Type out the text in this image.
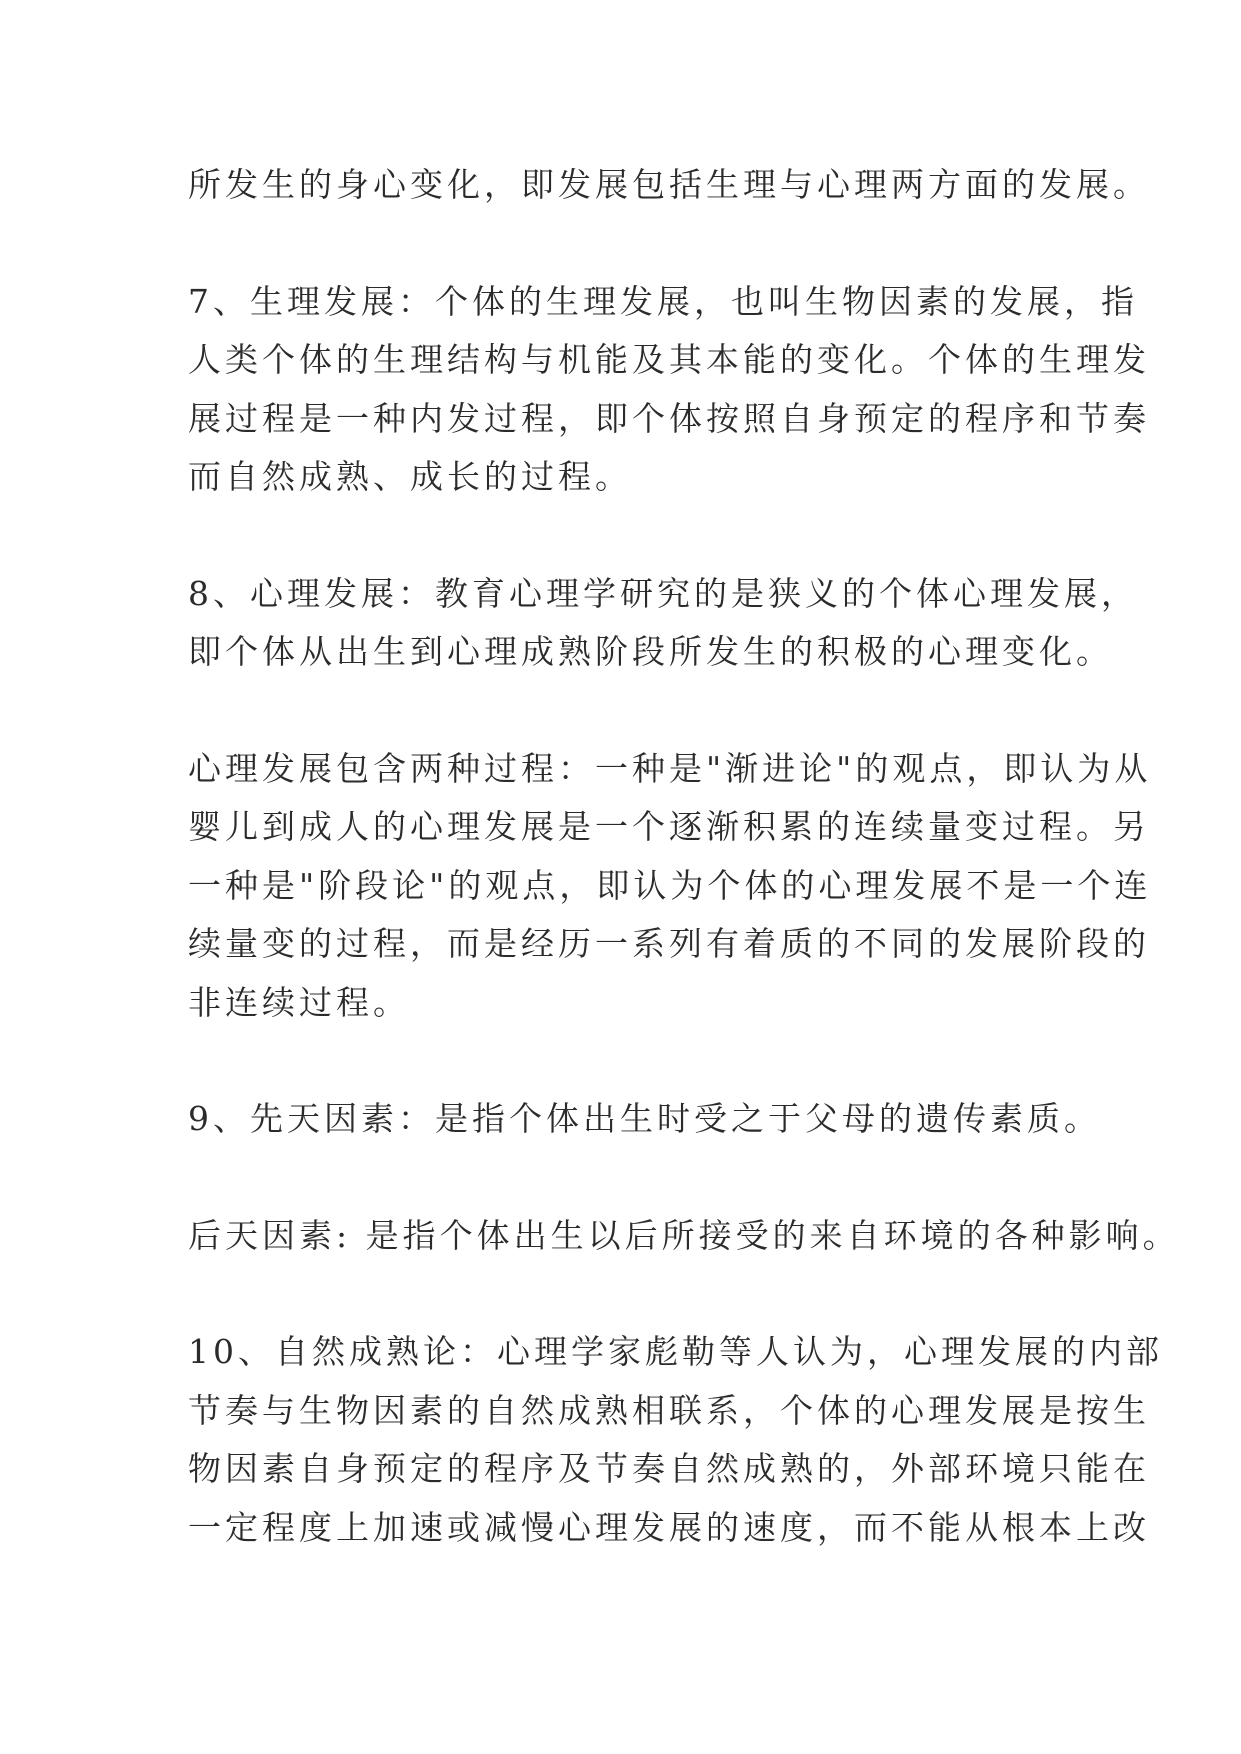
所发生的身心变化，即发展包括生理与心理两方面的发展。

7、生理发展：个体的生理发展，也叫生物因素的发展，指
人类个体的生理结构与机能及其本能的变化。个体的生理发
展过程是一种内发过程，即个体按照自身预定的程序和节奏
而自然成熟、成长的过程。

8、心理发展：教育心理学研究的是狭义的个体心理发展，
即个体从出生到心理成熟阶段所发生的积极的心理变化。

心理发展包含两种过程：一种是"渐进论"的观点，即认为从
婴儿到成人的心理发展是一个逐渐积累的连续量变过程。另
一种是"阶段论"的观点，即认为个体的心理发展不是一个连
续量变的过程，而是经历一系列有着质的不同的发展阶段的
非连续过程。

9、先天因素：是指个体出生时受之于父母的遗传素质。

后天因素: 是指个体出生以后所接受的来自环境的各种影响。

10、自然成熟论：心理学家彪勒等人认为，心理发展的内部
节奏与生物因素的自然成熟相联系，个体的心理发展是按生
物因素自身预定的程序及节奏自然成熟的，外部环境只能在
一定程度上加速或减慢心理发展的速度，而不能从根本上改
